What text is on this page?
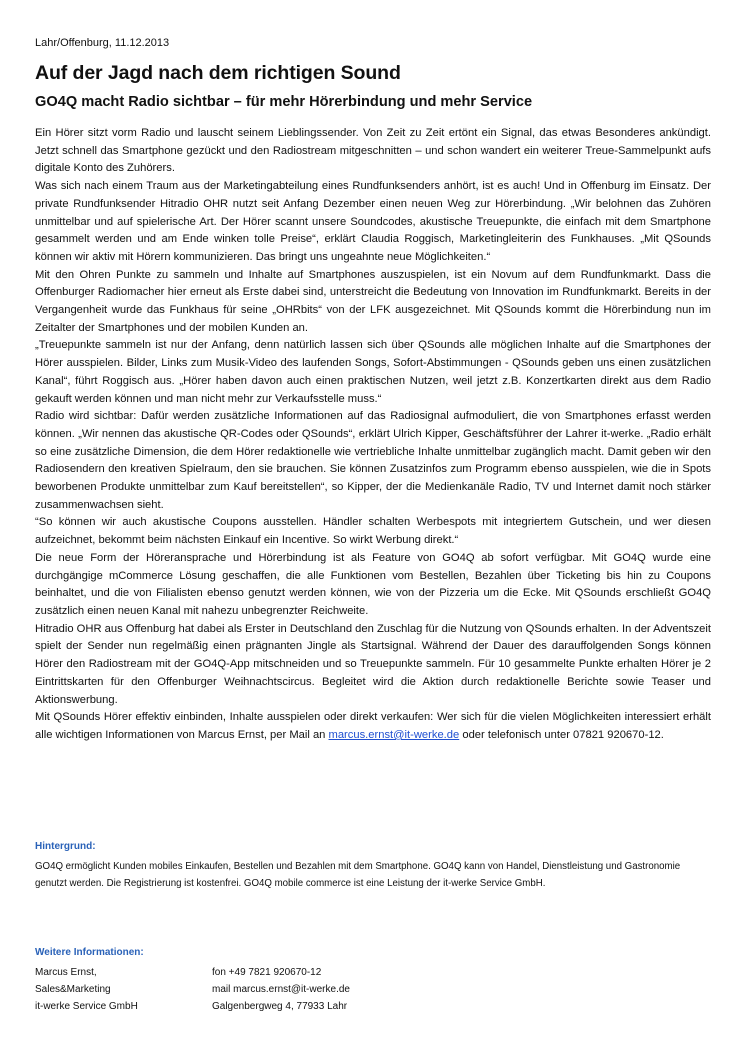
Lahr/Offenburg, 11.12.2013
Auf der Jagd nach dem richtigen Sound
GO4Q macht Radio sichtbar – für mehr Hörerbindung und mehr Service

Ein Hörer sitzt vorm Radio und lauscht seinem Lieblingssender. Von Zeit zu Zeit ertönt ein Signal, das etwas Besonderes ankündigt. Jetzt schnell das Smartphone gezückt und den Radiostream mitgeschnitten – und schon wandert ein weiterer Treue-Sammelpunkt aufs digitale Konto des Zuhörers.

Was sich nach einem Traum aus der Marketingabteilung eines Rundfunksenders anhört, ist es auch! Und in Offenburg im Einsatz. Der private Rundfunksender Hitradio OHR nutzt seit Anfang Dezember einen neuen Weg zur Hörerbindung. „Wir belohnen das Zuhören unmittelbar und auf spielerische Art. Der Hörer scannt unsere Soundcodes, akustische Treuepunkte, die einfach mit dem Smartphone gesammelt werden und am Ende winken tolle Preise“, erklärt Claudia Roggisch, Marketingleiterin des Funkhauses. „Mit QSounds können wir aktiv mit Hörern kommunizieren. Das bringt uns ungeahnte neue Möglichkeiten.“

Mit den Ohren Punkte zu sammeln und Inhalte auf Smartphones auszuspielen, ist ein Novum auf dem Rundfunkmarkt. Dass die Offenburger Radiomacher hier erneut als Erste dabei sind, unterstreicht die Bedeutung von Innovation im Rundfunkmarkt. Bereits in der Vergangenheit wurde das Funkhaus für seine „OHRbits“ von der LFK ausgezeichnet. Mit QSounds kommt die Hörerbindung nun im Zeitalter der Smartphones und der mobilen Kunden an.

„Treuepunkte sammeln ist nur der Anfang, denn natürlich lassen sich über QSounds alle möglichen Inhalte auf die Smartphones der Hörer ausspielen. Bilder, Links zum Musik-Video des laufenden Songs, Sofort-Abstimmungen - QSounds geben uns einen zusätzlichen Kanal“, führt Roggisch aus. „Hörer haben davon auch einen praktischen Nutzen, weil jetzt z.B. Konzertkarten direkt aus dem Radio gekauft werden können und man nicht mehr zur Verkaufsstelle muss.“

Radio wird sichtbar: Dafür werden zusätzliche Informationen auf das Radiosignal aufmoduliert, die von Smartphones erfasst werden können. „Wir nennen das akustische QR-Codes oder QSounds“, erklärt Ulrich Kipper, Geschäftsführer der Lahrer it-werke. „Radio erhält so eine zusätzliche Dimension, die dem Hörer redaktionelle wie vertriebliche Inhalte unmittelbar zugänglich macht. Damit geben wir den Radiosendern den kreativen Spielraum, den sie brauchen. Sie können Zusatzinfos zum Programm ebenso ausspielen, wie die in Spots beworbenen Produkte unmittelbar zum Kauf bereitstellen“, so Kipper, der die Medienkanäle Radio, TV und Internet damit noch stärker zusammenwachsen sieht.

“So können wir auch akustische Coupons ausstellen. Händler schalten Werbespots mit integriertem Gutschein, und wer diesen aufzeichnet, bekommt beim nächsten Einkauf ein Incentive. So wirkt Werbung direkt.“

Die neue Form der Höreransprache und Hörerbindung ist als Feature von GO4Q ab sofort verfügbar. Mit GO4Q wurde eine durchgängige mCommerce Lösung geschaffen, die alle Funktionen vom Bestellen, Bezahlen über Ticketing bis hin zu Coupons beinhaltet, und die von Filialisten ebenso genutzt werden können, wie von der Pizzeria um die Ecke. Mit QSounds erschließt GO4Q zusätzlich einen neuen Kanal mit nahezu unbegrenzter Reichweite.

Hitradio OHR aus Offenburg hat dabei als Erster in Deutschland den Zuschlag für die Nutzung von QSounds erhalten. In der Adventszeit spielt der Sender nun regelmäßig einen prägnanten Jingle als Startsignal. Während der Dauer des darauffolgenden Songs können Hörer den Radiostream mit der GO4Q-App mitschneiden und so Treuepunkte sammeln. Für 10 gesammelte Punkte erhalten Hörer je 2 Eintrittskarten für den Offenburger Weihnachtscircus. Begleitet wird die Aktion durch redaktionelle Berichte sowie Teaser und Aktionswerbung.

Mit QSounds Hörer effektiv einbinden, Inhalte ausspielen oder direkt verkaufen: Wer sich für die vielen Möglichkeiten interessiert erhält alle wichtigen Informationen von Marcus Ernst, per Mail an marcus.ernst@it-werke.de oder telefonisch unter 07821 920670-12.

Hintergrund:
GO4Q ermöglicht Kunden mobiles Einkaufen, Bestellen und Bezahlen mit dem Smartphone. GO4Q kann von Handel, Dienstleistung und Gastronomie genutzt werden. Die Registrierung ist kostenfrei. GO4Q mobile commerce ist eine Leistung der it-werke Service GmbH.
Weitere Informationen:
Marcus Ernst,	fon +49 7821 920670-12
Sales&Marketing	mail marcus.ernst@it-werke.de
it-werke Service GmbH	Galgenbergweg 4, 77933 Lahr
